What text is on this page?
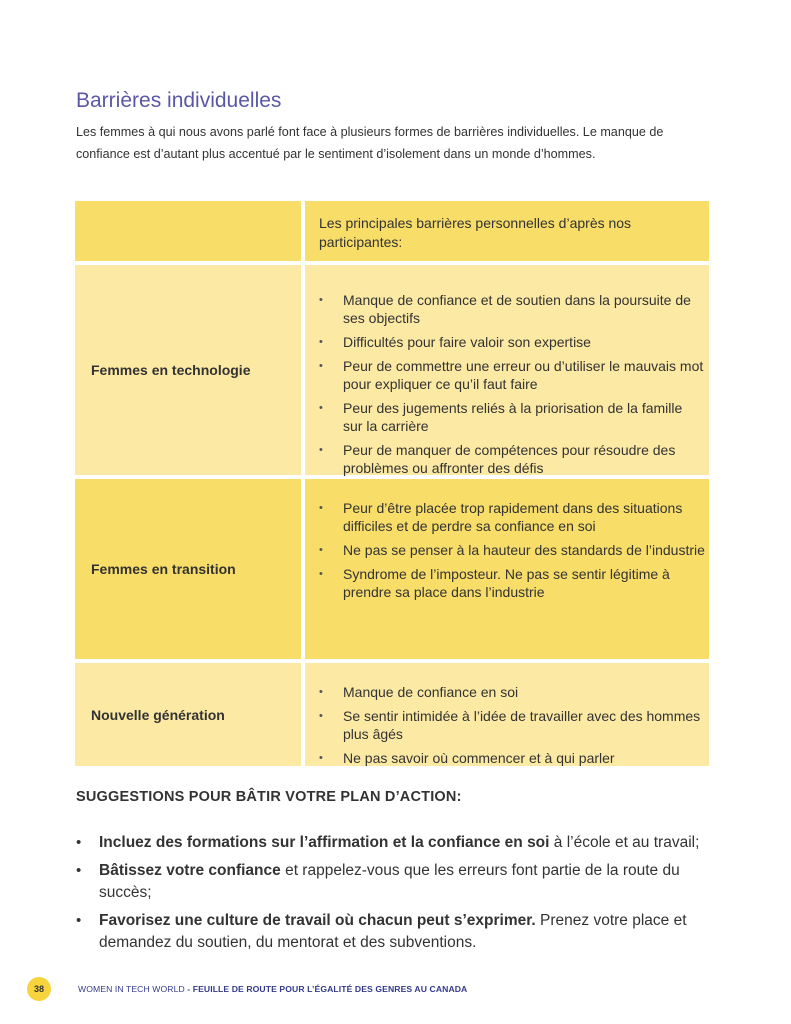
Barrières individuelles

Les femmes à qui nous avons parlé font face à plusieurs formes de barrières individuelles. Le manque de confiance est d’autant plus accentué par le sentiment d’isolement dans un monde d’hommes.

Les principales barrières personnelles d’après nos participantes:
Femmes en technologie
• Manque de confiance et de soutien dans la poursuite de ses objectifs
• Difficultés pour faire valoir son expertise
• Peur de commettre une erreur ou d’utiliser le mauvais mot pour expliquer ce qu’il faut faire
• Peur des jugements reliés à la priorisation de la famille sur la carrière
• Peur de manquer de compétences pour résoudre des problèmes ou affronter des défis
Femmes en transition
• Peur d’être placée trop rapidement dans des situations difficiles et de perdre sa confiance en soi
• Ne pas se penser à la hauteur des standards de l’industrie
• Syndrome de l’imposteur. Ne pas se sentir légitime à prendre sa place dans l’industrie
Nouvelle génération
• Manque de confiance en soi
• Se sentir intimidée à l’idée de travailler avec des hommes plus âgés
• Ne pas savoir où commencer et à qui parler
SUGGESTIONS POUR BÂTIR VOTRE PLAN D’ACTION:
• Incluez des formations sur l’affirmation et la confiance en soi à l’école et au travail;
• Bâtissez votre confiance et rappelez-vous que les erreurs font partie de la route du succès;
• Favorisez une culture de travail où chacun peut s’exprimer. Prenez votre place et demandez du soutien, du mentorat et des subventions.
38	WOMEN IN TECH WORLD - FEUILLE DE ROUTE POUR L’ÉGALITÉ DES GENRES AU CANADA
